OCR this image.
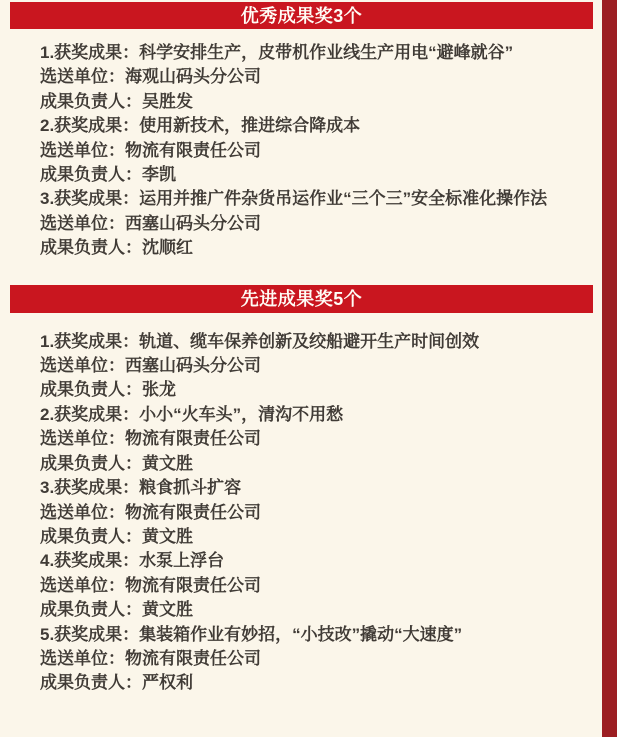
优秀成果奖3个

1.获奖成果：科学安排生产，皮带机作业线生产用电“避峰就谷”

选送单位：海观山码头分公司

成果负责人：吴胜发

2.获奖成果：使用新技术，推进综合降成本

选送单位：物流有限责任公司

成果负责人：李凯

3.获奖成果：运用并推广件杂货吊运作业“三个三”安全标准化操作法

选送单位：西塞山码头分公司

成果负责人：沈顺红

先进成果奖5个

1.获奖成果：轨道、缆车保养创新及绞船避开生产时间创效

选送单位：西塞山码头分公司

成果负责人：张龙

2.获奖成果：小小“火车头”，清沟不用愁

选送单位：物流有限责任公司

成果负责人：黄文胜

3.获奖成果：粮食抓斗扩容

选送单位：物流有限责任公司

成果负责人：黄文胜

4.获奖成果：水泵上浮台

选送单位：物流有限责任公司

成果负责人：黄文胜

5.获奖成果：集装箱作业有妙招，“小技改”撬动“大速度”

选送单位：物流有限责任公司

成果负责人：严权利
